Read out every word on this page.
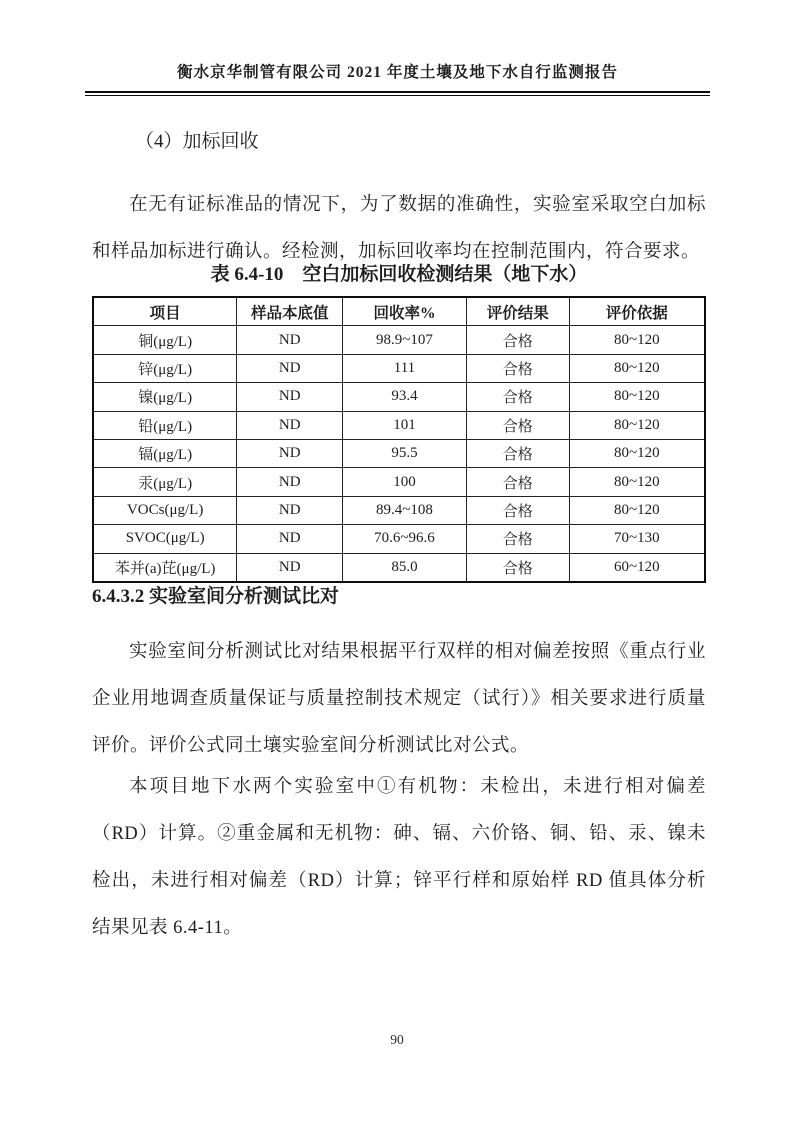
衡水京华制管有限公司 2021 年度土壤及地下水自行监测报告
（4）加标回收

在无有证标准品的情况下，为了数据的准确性，实验室采取空白加标和样品加标进行确认。经检测，加标回收率均在控制范围内，符合要求。

表 6.4-10　空白加标回收检测结果（地下水）
项目	样品本底值	回收率%	评价结果	评价依据
铜(μg/L)	ND	98.9~107	合格	80~120
锌(μg/L)	ND	111	合格	80~120
镍(μg/L)	ND	93.4	合格	80~120
铅(μg/L)	ND	101	合格	80~120
镉(μg/L)	ND	95.5	合格	80~120
汞(μg/L)	ND	100	合格	80~120
VOCs(μg/L)	ND	89.4~108	合格	80~120
SVOC(μg/L)	ND	70.6~96.6	合格	70~130
苯并(a)芘(μg/L)	ND	85.0	合格	60~120
6.4.3.2 实验室间分析测试比对

实验室间分析测试比对结果根据平行双样的相对偏差按照《重点行业企业用地调查质量保证与质量控制技术规定（试行）》相关要求进行质量评价。评价公式同土壤实验室间分析测试比对公式。

本项目地下水两个实验室中①有机物：未检出，未进行相对偏差（RD）计算。②重金属和无机物：砷、镉、六价铬、铜、铅、汞、镍未检出，未进行相对偏差（RD）计算；锌平行样和原始样 RD 值具体分析结果见表 6.4-11。

90
